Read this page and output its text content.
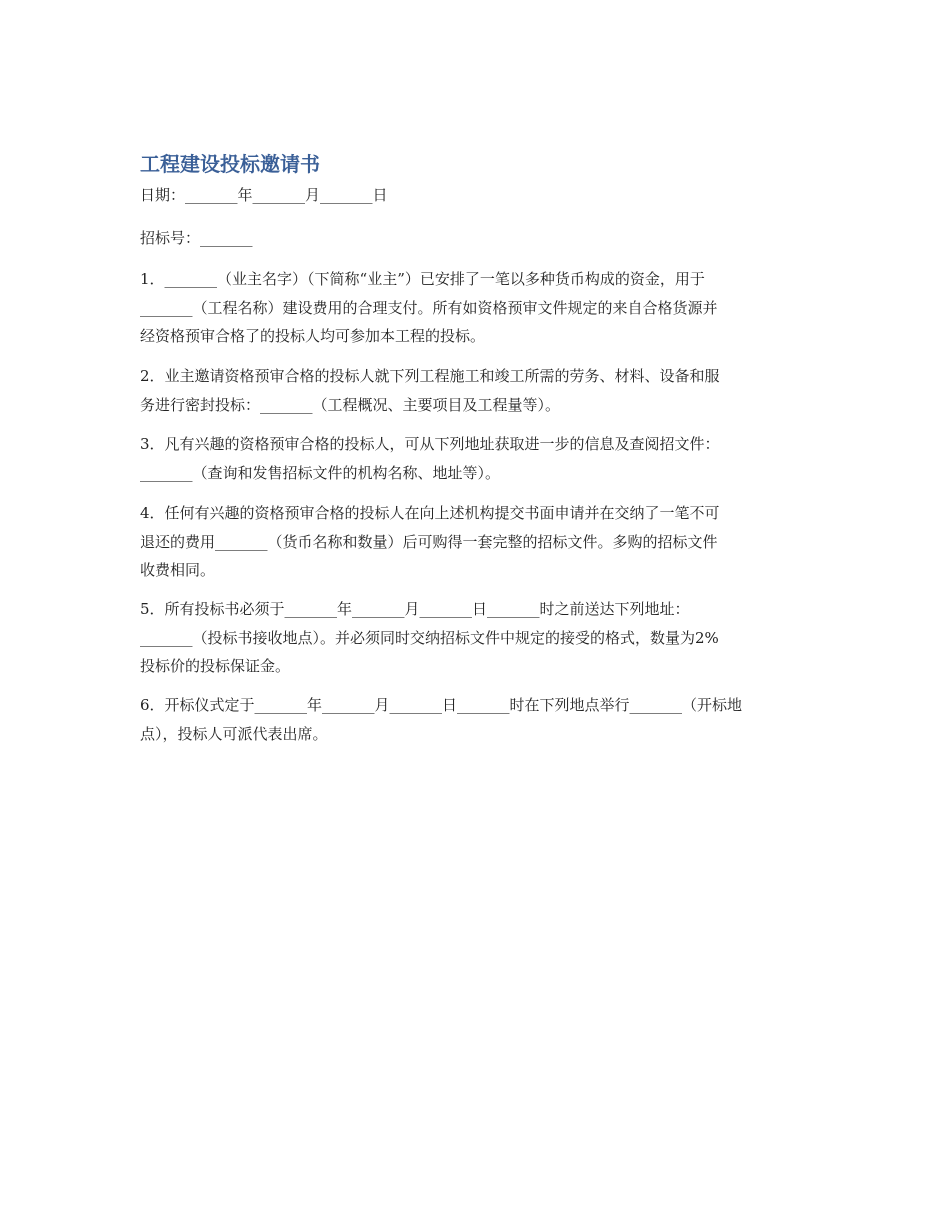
工程建设投标邀请书

日期：_______年_______月_______日

招标号：_______

1．_______（业主名字）（下简称“业主”）已安排了一笔以多种货币构成的资金，用于
_______（工程名称）建设费用的合理支付。所有如资格预审文件规定的来自合格货源并
经资格预审合格了的投标人均可参加本工程的投标。
2．业主邀请资格预审合格的投标人就下列工程施工和竣工所需的劳务、材料、设备和服
务进行密封投标：_______（工程概况、主要项目及工程量等）。
3．凡有兴趣的资格预审合格的投标人，可从下列地址获取进一步的信息及查阅招文件：
_______（查询和发售招标文件的机构名称、地址等）。
4．任何有兴趣的资格预审合格的投标人在向上述机构提交书面申请并在交纳了一笔不可
退还的费用_______（货币名称和数量）后可购得一套完整的招标文件。多购的招标文件
收费相同。
5．所有投标书必须于_______年_______月_______日_______时之前送达下列地址：
_______（投标书接收地点）。并必须同时交纳招标文件中规定的接受的格式，数量为2%
投标价的投标保证金。
6．开标仪式定于_______年_______月_______日_______时在下列地点举行_______（开标地
点），投标人可派代表出席。
